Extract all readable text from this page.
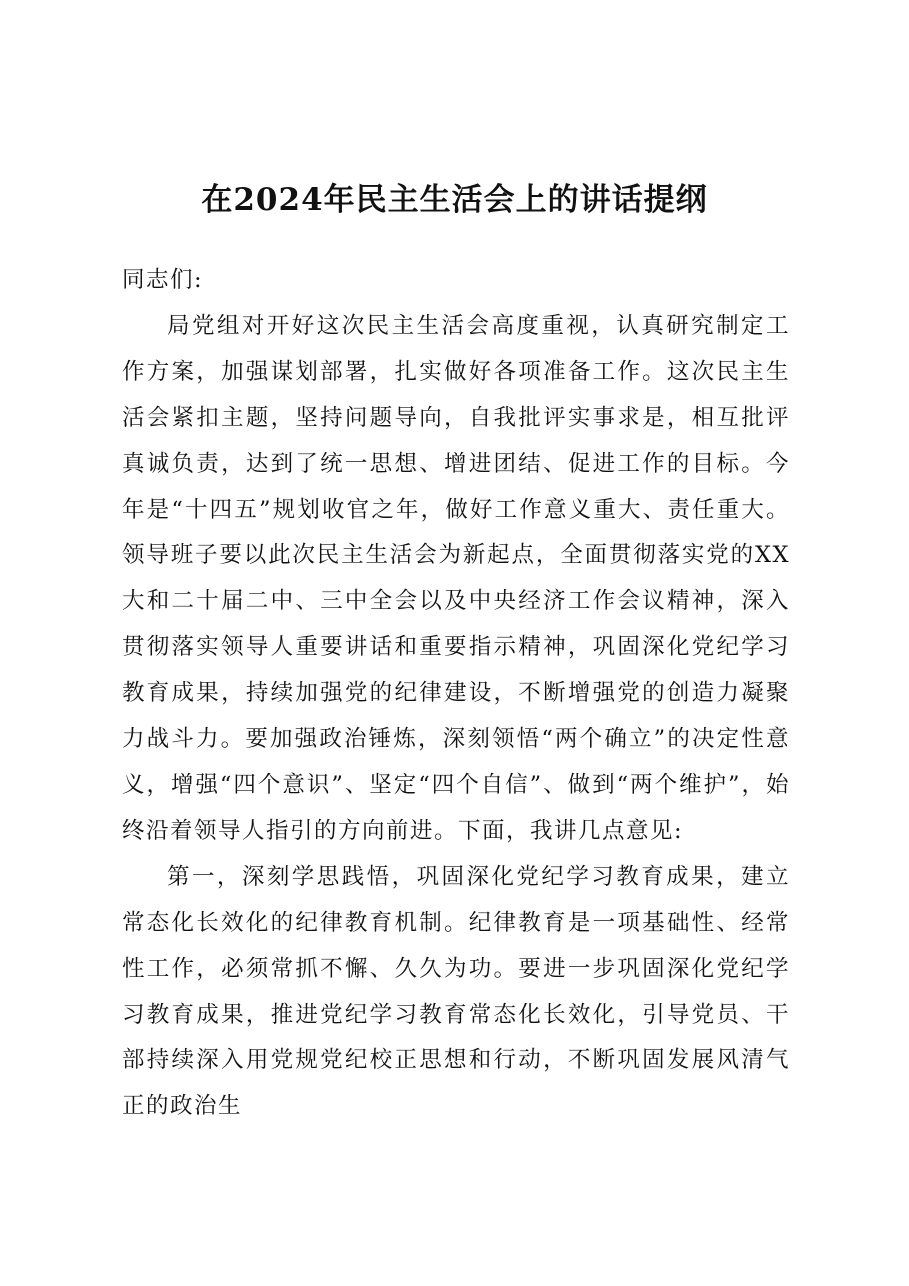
在2024年民主生活会上的讲话提纲

同志们:

局党组对开好这次民主生活会高度重视，认真研究制定工作方案，加强谋划部署，扎实做好各项准备工作。这次民主生活会紧扣主题，坚持问题导向，自我批评实事求是，相互批评真诚负责，达到了统一思想、增进团结、促进工作的目标。今年是“十四五”规划收官之年，做好工作意义重大、责任重大。领导班子要以此次民主生活会为新起点，全面贯彻落实党的XX大和二十届二中、三中全会以及中央经济工作会议精神，深入贯彻落实领导人重要讲话和重要指示精神，巩固深化党纪学习教育成果，持续加强党的纪律建设，不断增强党的创造力凝聚力战斗力。要加强政治锤炼，深刻领悟“两个确立”的决定性意义，增强“四个意识”、坚定“四个自信”、做到“两个维护”，始终沿着领导人指引的方向前进。下面，我讲几点意见:

第一，深刻学思践悟，巩固深化党纪学习教育成果，建立常态化长效化的纪律教育机制。纪律教育是一项基础性、经常性工作，必须常抓不懈、久久为功。要进一步巩固深化党纪学习教育成果，推进党纪学习教育常态化长效化，引导党员、干部持续深入用党规党纪校正思想和行动，不断巩固发展风清气正的政治生
